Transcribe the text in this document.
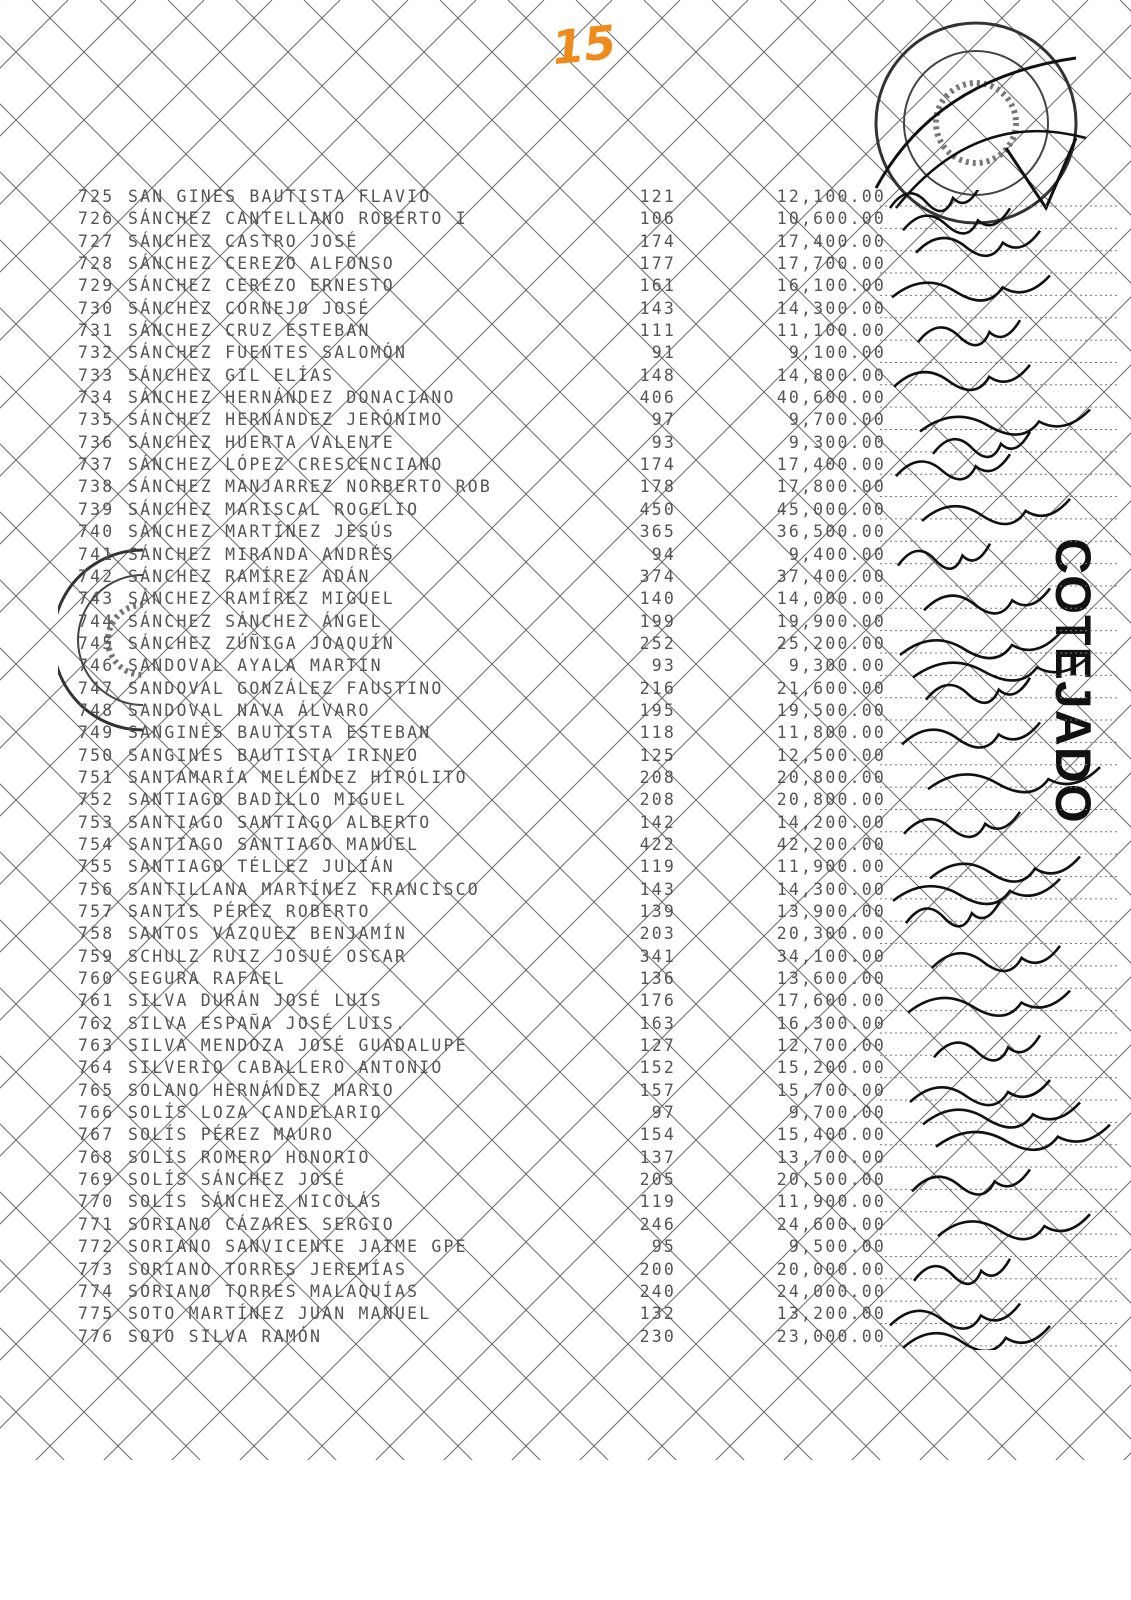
15
COTEJADO
725 SAN GINES BAUTISTA FLAVIO	121	12,100.00
726 SÁNCHEZ CANTELLANO ROBERTO I	106	10,600.00
727 SÁNCHEZ CASTRO JOSÉ	174	17,400.00
728 SÁNCHEZ CEREZO ALFONSO	177	17,700.00
729 SÁNCHEZ CEREZO ERNESTO	161	16,100.00
730 SÁNCHEZ CORNEJO JOSÉ	143	14,300.00
731 SÁNCHEZ CRUZ ESTEBAN	111	11,100.00
732 SÁNCHEZ FUENTES SALOMÓN	91	9,100.00
733 SÁNCHEZ GIL ELÍAS	148	14,800.00
734 SÁNCHEZ HERNÁNDEZ DONACIANO	406	40,600.00
735 SÁNCHEZ HERNÁNDEZ JERÓNIMO	97	9,700.00
736 SÁNCHEZ HUERTA VALENTE	93	9,300.00
737 SÁNCHEZ LÓPEZ CRESCENCIANO	174	17,400.00
738 SÁNCHEZ MANJARREZ NORBERTO ROB	178	17,800.00
739 SÁNCHEZ MARISCAL ROGELIO	450	45,000.00
740 SÁNCHEZ MARTÍNEZ JESÚS	365	36,500.00
741 SÁNCHEZ MIRANDA ANDRÉS	94	9,400.00
742 SÁNCHEZ RAMÍREZ ADÁN	374	37,400.00
743 SÁNCHEZ RAMÍREZ MIGUEL	140	14,000.00
744 SÁNCHEZ SÁNCHEZ ÁNGEL	199	19,900.00
745 SÁNCHEZ ZÚÑIGA JOAQUÍN	252	25,200.00
746 SANDOVAL AYALA MARTÍN	93	9,300.00
747 SANDOVAL GONZÁLEZ FAUSTINO	216	21,600.00
748 SANDOVAL NAVA ÁLVARO	195	19,500.00
749 SANGINÉS BAUTISTA ESTEBAN	118	11,800.00
750 SANGINÉS BAUTISTA IRINEO	125	12,500.00
751 SANTAMARÍA MELÉNDEZ HIPÓLITO	208	20,800.00
752 SANTIAGO BADILLO MIGUEL	208	20,800.00
753 SANTIAGO SANTIAGO ALBERTO	142	14,200.00
754 SANTIAGO SANTIAGO MANUEL	422	42,200.00
755 SANTIAGO TÉLLEZ JULIÁN	119	11,900.00
756 SANTILLANA MARTÍNEZ FRANCISCO	143	14,300.00
757 SANTIS PÉREZ ROBERTO	139	13,900.00
758 SANTOS VÁZQUEZ BENJAMÍN	203	20,300.00
759 SCHULZ RUIZ JOSUÉ OSCAR	341	34,100.00
760 SEGURA RAFAEL	136	13,600.00
761 SILVA DURÁN JOSÉ LUIS	176	17,600.00
762 SILVA ESPAÑA JOSÉ LUIS.	163	16,300.00
763 SILVA MENDOZA JOSÉ GUADALUPE	127	12,700.00
764 SILVERIO CABALLERO ANTONIO	152	15,200.00
765 SOLANO HERNÁNDEZ MARIO	157	15,700.00
766 SOLÍS LOZA CANDELARIO	97	9,700.00
767 SOLÍS PÉREZ MAURO	154	15,400.00
768 SOLÍS ROMERO HONORIO	137	13,700.00
769 SOLÍS SÁNCHEZ JOSÉ	205	20,500.00
770 SOLÍS SÁNCHEZ NICOLÁS	119	11,900.00
771 SORIANO CÁZARES SERGIO	246	24,600.00
772 SORIANO SANVICENTE JAIME GPE	95	9,500.00
773 SORIANO TORRES JEREMÍAS	200	20,000.00
774 SORIANO TORRES MALAQUÍAS	240	24,000.00
775 SOTO MARTÍNEZ JUAN MANUEL	132	13,200.00
776 SOTO SILVA RAMÓN	230	23,000.00
